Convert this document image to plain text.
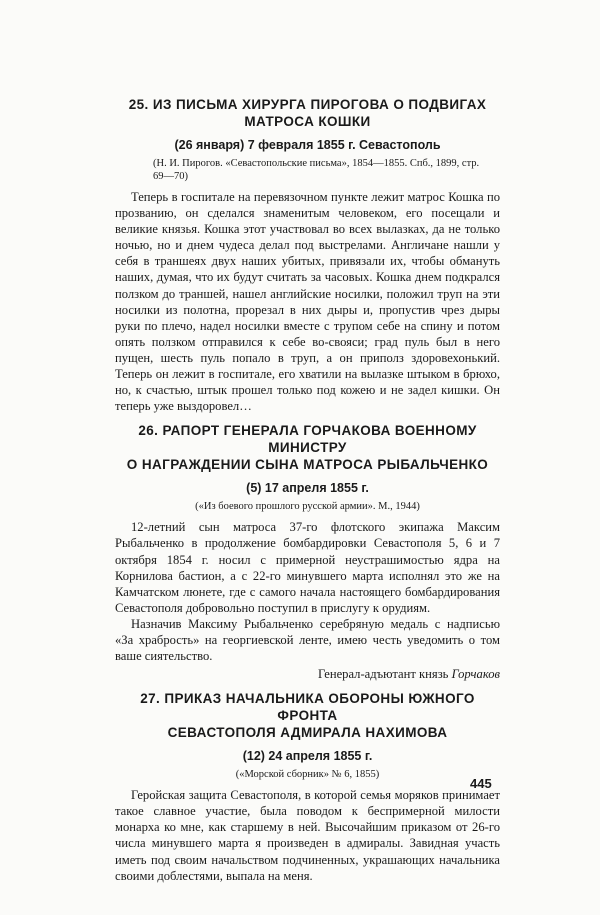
25. ИЗ ПИСЬМА ХИРУРГА ПИРОГОВА О ПОДВИГАХ
МАТРОСА КОШКИ
(26 января) 7 февраля 1855 г. Севастополь
(Н. И. Пирогов. «Севастопольские письма», 1854—1855. Спб., 1899, стр. 69—70)

Теперь в госпитале на перевязочном пункте лежит матрос Кошка по прозванию, он сделался знаменитым человеком, его посещали и великие князья. Кошка этот участвовал во всех вылазках, да не только ночью, но и днем чудеса делал под выстрелами. Англичане нашли у себя в траншеях двух наших убитых, привязали их, чтобы обмануть наших, думая, что их будут считать за часовых. Кошка днем подкрался ползком до траншей, нашел английские носилки, положил труп на эти носилки из полотна, прорезал в них дыры и, пропустив чрез дыры руки по плечо, надел носилки вместе с трупом себе на спину и потом опять ползком отправился к себе во-свояси; град пуль был в него пущен, шесть пуль попало в труп, а он приполз здоровехонький. Теперь он лежит в госпитале, его хватили на вылазке штыком в брюхо, но, к счастью, штык прошел только под кожею и не задел кишки. Он теперь уже выздоровел…

26. РАПОРТ ГЕНЕРАЛА ГОРЧАКОВА ВОЕННОМУ МИНИСТРУ
О НАГРАЖДЕНИИ СЫНА МАТРОСА РЫБАЛЬЧЕНКО
(5) 17 апреля 1855 г.
(«Из боевого прошлого русской армии». М., 1944)

12-летний сын матроса 37-го флотского экипажа Максим Рыбальченко в продолжение бомбардировки Севастополя 5, 6 и 7 октября 1854 г. носил с примерной неустрашимостью ядра на Корнилова бастион, а с 22-го минувшего марта исполнял это же на Камчатском люнете, где с самого начала настоящего бомбардирования Севастополя добровольно поступил в прислугу к орудиям.

Назначив Максиму Рыбальченко серебряную медаль с надписью «За храбрость» на георгиевской ленте, имею честь уведомить о том ваше сиятельство.

Генерал-адъютант князь Горчаков
27. ПРИКАЗ НАЧАЛЬНИКА ОБОРОНЫ ЮЖНОГО ФРОНТА
СЕВАСТОПОЛЯ АДМИРАЛА НАХИМОВА
(12) 24 апреля 1855 г.
(«Морской сборник» № 6, 1855)

Геройская защита Севастополя, в которой семья моряков принимает такое славное участие, была поводом к беспримерной милости монарха ко мне, как старшему в ней. Высочайшим приказом от 26-го числа минувшего марта я произведен в адмиралы. Завидная участь иметь под своим начальством подчиненных, украшающих начальника своими доблестями, выпала на меня.

445
